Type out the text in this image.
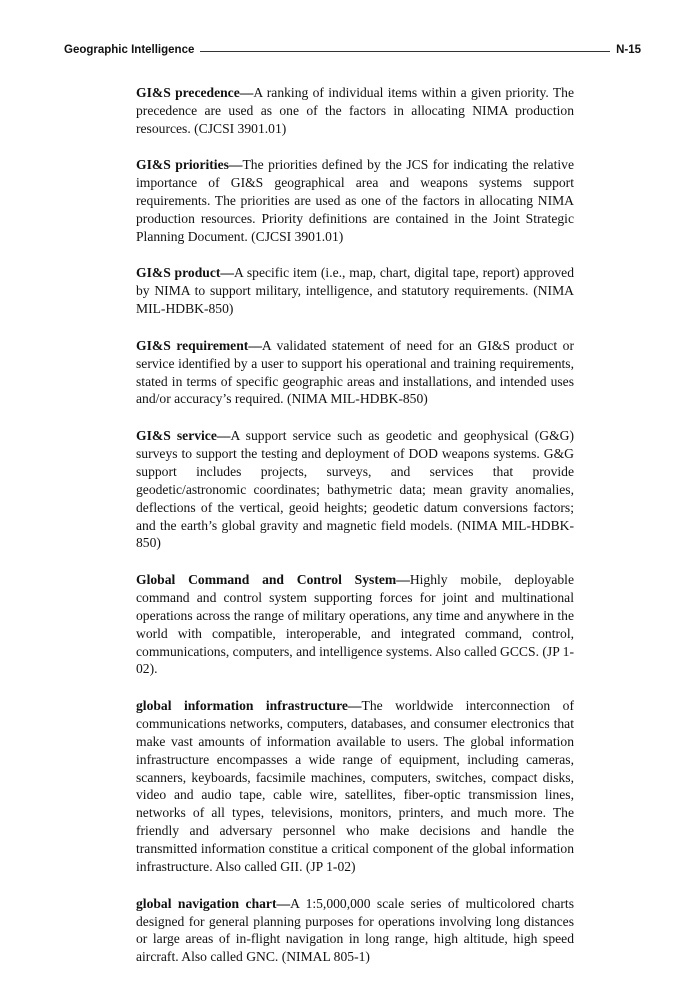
Geographic Intelligence	N-15

GI&S precedence—A ranking of individual items within a given priority. The precedence are used as one of the factors in allocating NIMA production resources. (CJCSI 3901.01)

GI&S priorities—The priorities defined by the JCS for indicating the relative importance of GI&S geographical area and weapons systems support requirements. The priorities are used as one of the factors in allocating NIMA production resources. Priority definitions are contained in the Joint Strategic Planning Document. (CJCSI 3901.01)

GI&S product—A specific item (i.e., map, chart, digital tape, report) approved by NIMA to support military, intelligence, and statutory requirements. (NIMA MIL-HDBK-850)

GI&S requirement—A validated statement of need for an GI&S product or service identified by a user to support his operational and training requirements, stated in terms of specific geographic areas and installations, and intended uses and/or accuracy’s required. (NIMA MIL-HDBK-850)

GI&S service—A support service such as geodetic and geophysical (G&G) surveys to support the testing and deployment of DOD weapons systems. G&G support includes projects, surveys, and services that provide geodetic/astronomic coordinates; bathymetric data; mean gravity anomalies, deflections of the vertical, geoid heights; geodetic datum conversions factors; and the earth’s global gravity and magnetic field models. (NIMA MIL-HDBK-850)

Global Command and Control System—Highly mobile, deployable command and control system supporting forces for joint and multinational operations across the range of military operations, any time and anywhere in the world with compatible, interoperable, and integrated command, control, communications, computers, and intelligence systems. Also called GCCS. (JP 1-02).

global information infrastructure—The worldwide interconnection of communications networks, computers, databases, and consumer electronics that make vast amounts of information available to users. The global information infrastructure encompasses a wide range of equipment, including cameras, scanners, keyboards, facsimile machines, computers, switches, compact disks, video and audio tape, cable wire, satellites, fiber-optic transmission lines, networks of all types, televisions, monitors, printers, and much more. The friendly and adversary personnel who make decisions and handle the transmitted information constitue a critical component of the global information infrastructure. Also called GII. (JP 1-02)

global navigation chart—A 1:5,000,000 scale series of multicolored charts designed for general planning purposes for operations involving long distances or large areas of in-flight navigation in long range, high altitude, high speed aircraft. Also called GNC. (NIMAL 805-1)
